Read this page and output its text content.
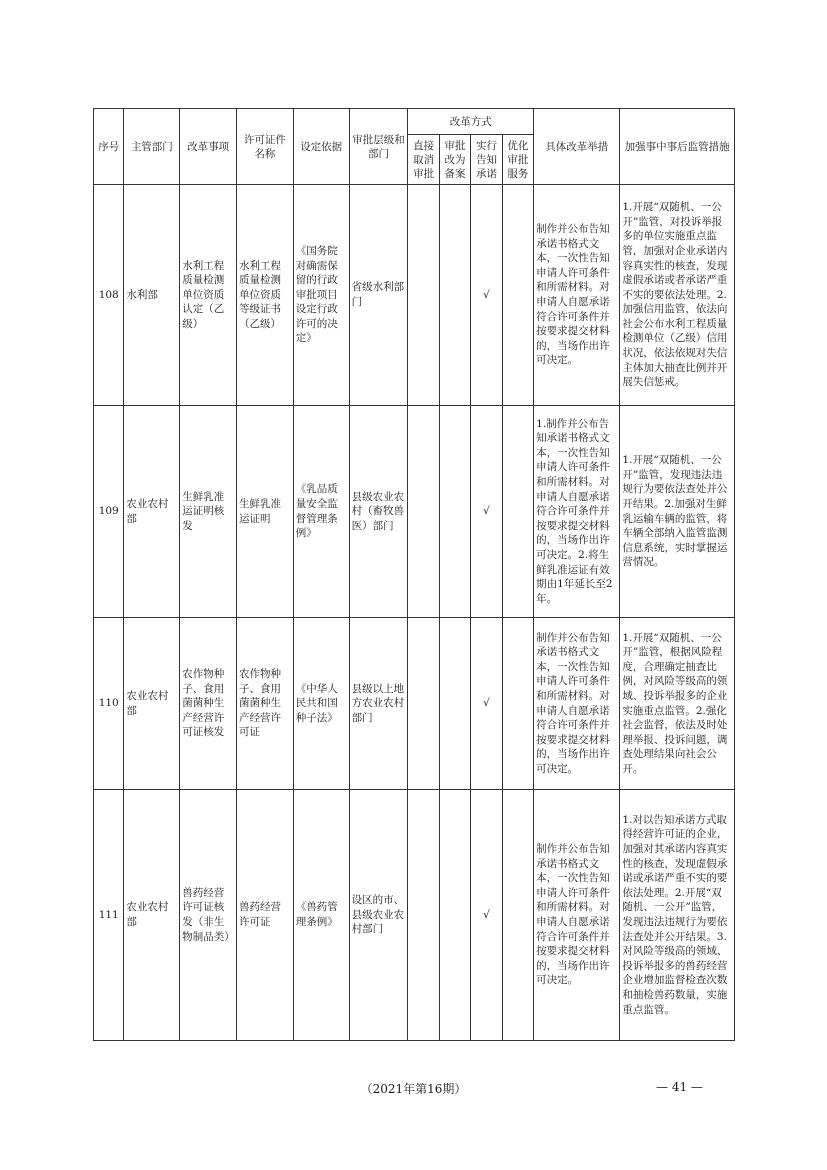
序号	主管部门	改革事项	许可证件名称	设定依据	审批层级和部门	改革方式				具体改革举措	加强事中事后监管措施
						直接取消审批	审批改为备案	实行告知承诺	优化审批服务		
108	水利部	水利工程质量检测单位资质认定（乙级）	水利工程质量检测单位资质等级证书（乙级）	《国务院对确需保留的行政审批项目设定行政许可的决定》	省级水利部门			√		制作并公布告知承诺书格式文本，一次性告知申请人许可条件和所需材料。对申请人自愿承诺符合许可条件并按要求提交材料的，当场作出许可决定。	1.开展“双随机、一公开”监管，对投诉举报多的单位实施重点监管，加强对企业承诺内容真实性的核查，发现虚假承诺或者承诺严重不实的要依法处理。2.加强信用监管，依法向社会公布水利工程质量检测单位（乙级）信用状况，依法依规对失信主体加大抽查比例并开展失信惩戒。
109	农业农村部	生鲜乳准运证明核发	生鲜乳准运证明	《乳品质量安全监督管理条例》	县级农业农村（畜牧兽医）部门			√		1.制作并公布告知承诺书格式文本，一次性告知申请人许可条件和所需材料。对申请人自愿承诺符合许可条件并按要求提交材料的，当场作出许可决定。2.将生鲜乳准运证有效期由1年延长至2年。	1.开展“双随机、一公开”监管，发现违法违规行为要依法查处并公开结果。2.加强对生鲜乳运输车辆的监管，将车辆全部纳入监管监测信息系统，实时掌握运营情况。
110	农业农村部	农作物种子、食用菌菌种生产经营许可证核发	农作物种子、食用菌菌种生产经营许可证	《中华人民共和国种子法》	县级以上地方农业农村部门			√		制作并公布告知承诺书格式文本，一次性告知申请人许可条件和所需材料。对申请人自愿承诺符合许可条件并按要求提交材料的，当场作出许可决定。	1.开展“双随机、一公开”监管，根据风险程度，合理确定抽查比例，对风险等级高的领域、投诉举报多的企业实施重点监管。2.强化社会监督，依法及时处理举报、投诉问题，调查处理结果向社会公开。
111	农业农村部	兽药经营许可证核发（非生物制品类）	兽药经营许可证	《兽药管理条例》	设区的市、县级农业农村部门			√		制作并公布告知承诺书格式文本，一次性告知申请人许可条件和所需材料。对申请人自愿承诺符合许可条件并按要求提交材料的，当场作出许可决定。	1.对以告知承诺方式取得经营许可证的企业，加强对其承诺内容真实性的核查，发现虚假承诺或承诺严重不实的要依法处理。2.开展“双随机、一公开”监管，发现违法违规行为要依法查处并公开结果。3.对风险等级高的领域、投诉举报多的兽药经营企业增加监督检查次数和抽检兽药数量，实施重点监管。
（2021年第16期）	— 41 —
